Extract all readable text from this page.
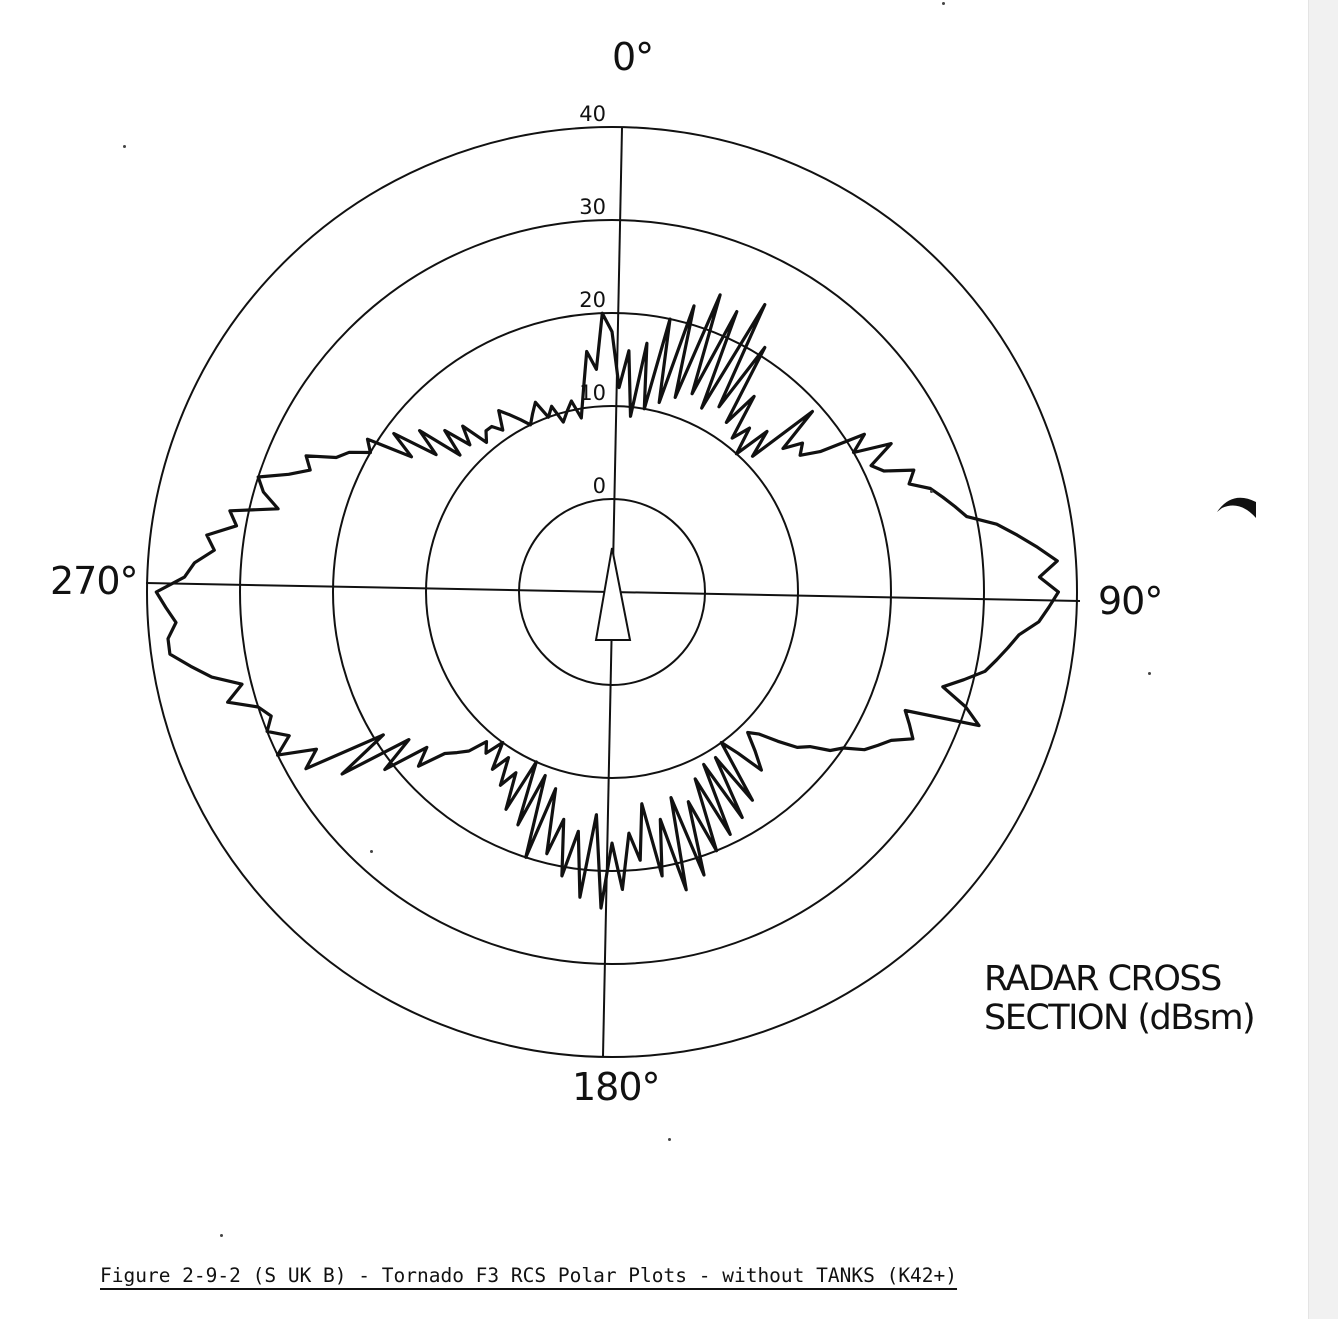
0
10
20
30
40
0°
90°
180°
270°
RADAR CROSS
SECTION (dBsm)
Figure 2-9-2 (S UK B) - Tornado F3 RCS Polar Plots - without TANKS (K42+)
